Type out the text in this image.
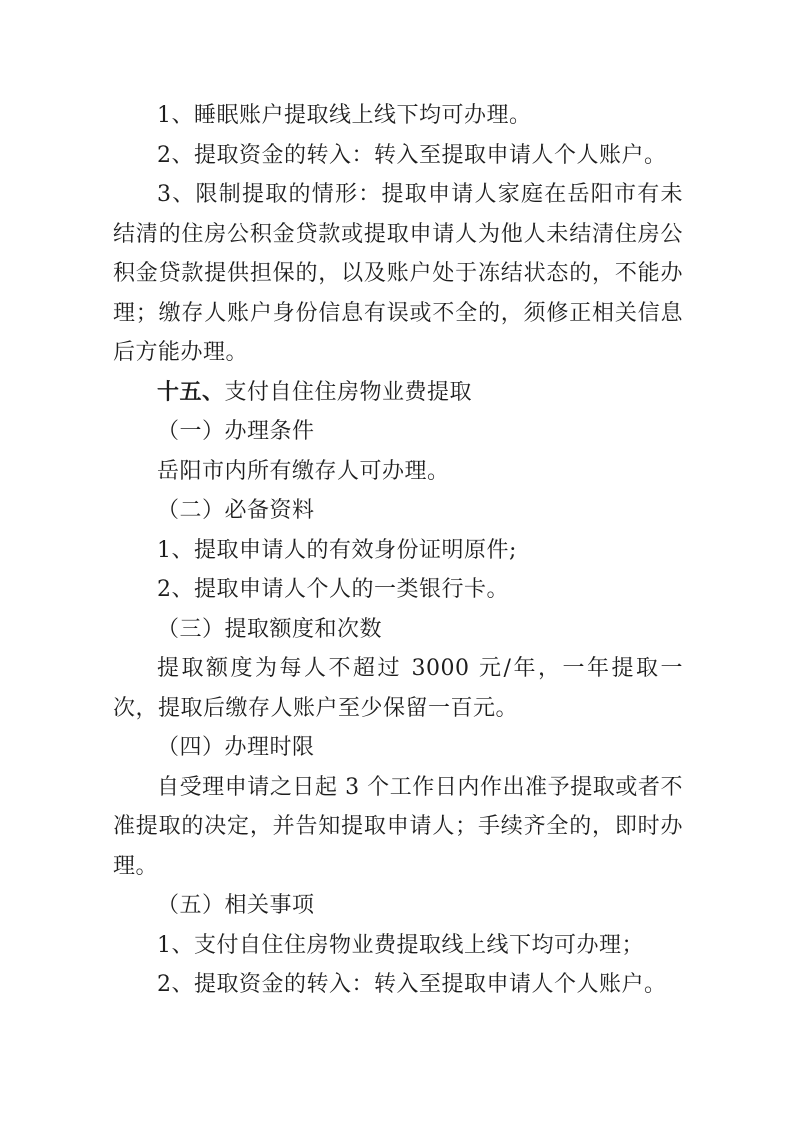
1、睡眠账户提取线上线下均可办理。

2、提取资金的转入：转入至提取申请人个人账户。

3、限制提取的情形：提取申请人家庭在岳阳市有未结清的住房公积金贷款或提取申请人为他人未结清住房公积金贷款提供担保的，以及账户处于冻结状态的，不能办理；缴存人账户身份信息有误或不全的，须修正相关信息后方能办理。

十五、支付自住住房物业费提取

（一）办理条件

岳阳市内所有缴存人可办理。

（二）必备资料

1、提取申请人的有效身份证明原件;

2、提取申请人个人的一类银行卡。

（三）提取额度和次数

提取额度为每人不超过 3000 元/年，一年提取一次，提取后缴存人账户至少保留一百元。

（四）办理时限

自受理申请之日起 3 个工作日内作出准予提取或者不准提取的决定，并告知提取申请人；手续齐全的，即时办理。

（五）相关事项

1、支付自住住房物业费提取线上线下均可办理；

2、提取资金的转入：转入至提取申请人个人账户。
